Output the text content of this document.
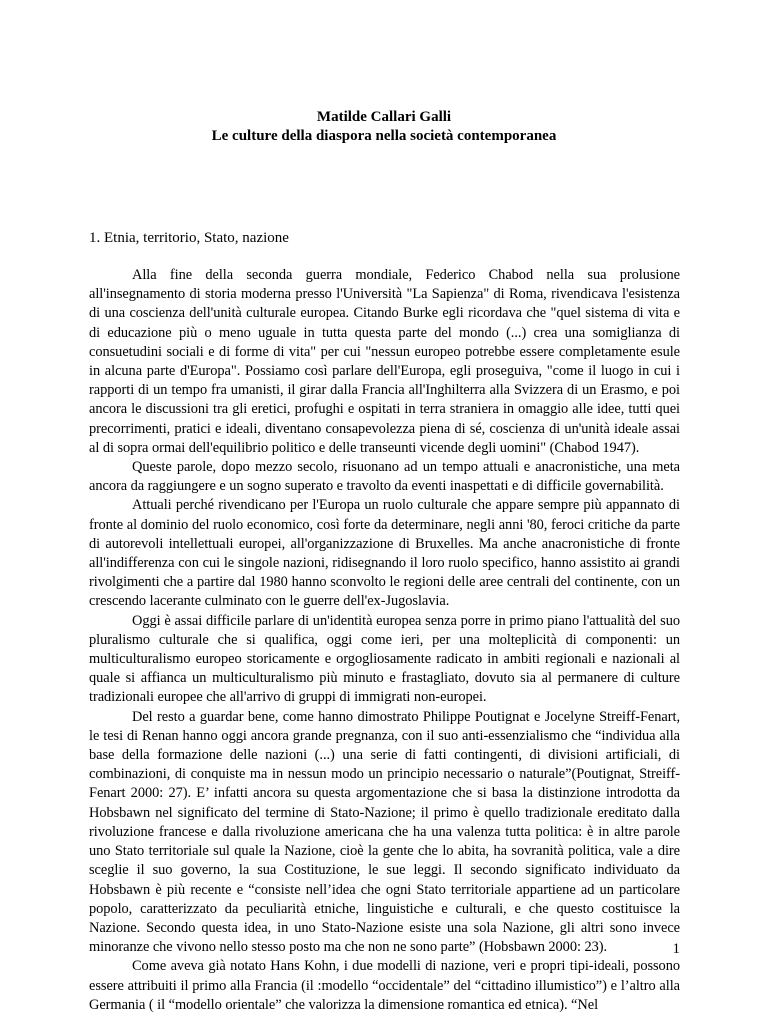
Matilde Callari Galli
Le culture della diaspora nella società contemporanea
1. Etnia, territorio, Stato, nazione

Alla fine della seconda guerra mondiale, Federico Chabod nella sua prolusione all'insegnamento di storia moderna presso l'Università "La Sapienza" di Roma, rivendicava l'esistenza di una coscienza dell'unità culturale europea. Citando Burke egli ricordava che "quel sistema di vita e di educazione più o meno uguale in tutta questa parte del mondo (...) crea una somiglianza di consuetudini sociali e di forme di vita" per cui "nessun europeo potrebbe essere completamente esule in alcuna parte d'Europa". Possiamo così parlare dell'Europa, egli proseguiva, "come il luogo in cui i rapporti di un tempo fra umanisti, il girar dalla Francia all'Inghilterra alla Svizzera di un Erasmo, e poi ancora le discussioni tra gli eretici, profughi e ospitati in terra straniera in omaggio alle idee, tutti quei precorrimenti, pratici e ideali, diventano consapevolezza piena di sé, coscienza di un'unità ideale assai al di sopra ormai dell'equilibrio politico e delle transeunti vicende degli uomini" (Chabod 1947).

Queste parole, dopo mezzo secolo, risuonano ad un tempo attuali e anacronistiche, una meta ancora da raggiungere e un sogno superato e travolto da eventi inaspettati e di difficile governabilità.

Attuali perché rivendicano per l'Europa un ruolo culturale che appare sempre più appannato di fronte al dominio del ruolo economico, così forte da determinare, negli anni '80, feroci critiche da parte di autorevoli intellettuali europei, all'organizzazione di Bruxelles. Ma anche anacronistiche di fronte all'indifferenza con cui le singole nazioni, ridisegnando il loro ruolo specifico, hanno assistito ai grandi rivolgimenti che a partire dal 1980 hanno sconvolto le regioni delle aree centrali del continente, con un crescendo lacerante culminato con le guerre dell'ex-Jugoslavia.

Oggi è assai difficile parlare di un'identità europea senza porre in primo piano l'attualità del suo pluralismo culturale che si qualifica, oggi come ieri, per una molteplicità di componenti: un multiculturalismo europeo storicamente e orgogliosamente radicato in ambiti regionali e nazionali al quale si affianca un multiculturalismo più minuto e frastagliato, dovuto sia al permanere di culture tradizionali europee che all'arrivo di gruppi di immigrati non-europei.

Del resto a guardar bene, come hanno dimostrato Philippe Poutignat e Jocelyne Streiff-Fenart, le tesi di Renan hanno oggi ancora grande pregnanza, con il suo anti-essenzialismo che “individua alla base della formazione delle nazioni (...) una serie di fatti contingenti, di divisioni artificiali, di combinazioni, di conquiste ma in nessun modo un principio necessario o naturale”(Poutignat, Streiff-Fenart 2000: 27). E’ infatti ancora su questa argomentazione che si basa la distinzione introdotta da Hobsbawn nel significato del termine di Stato-Nazione; il primo è quello tradizionale ereditato dalla rivoluzione francese e dalla rivoluzione americana che ha una valenza tutta politica: è in altre parole uno Stato territoriale sul quale la Nazione, cioè la gente che lo abita, ha sovranità politica, vale a dire sceglie il suo governo, la sua Costituzione, le sue leggi. Il secondo significato individuato da Hobsbawn è più recente e “consiste nell’idea che ogni Stato territoriale appartiene ad un particolare popolo, caratterizzato da peculiarità etniche, linguistiche e culturali, e che questo costituisce la Nazione. Secondo questa idea, in uno Stato-Nazione esiste una sola Nazione, gli altri sono invece minoranze che vivono nello stesso posto ma che non ne sono parte” (Hobsbawn 2000: 23).

Come aveva già notato Hans Kohn, i due modelli di nazione, veri e propri tipi-ideali, possono essere attribuiti il primo alla Francia (il :modello “occidentale” del “cittadino illumistico”) e l’altro alla Germania ( il “modello orientale” che valorizza la dimensione romantica ed etnica). “Nel

1
